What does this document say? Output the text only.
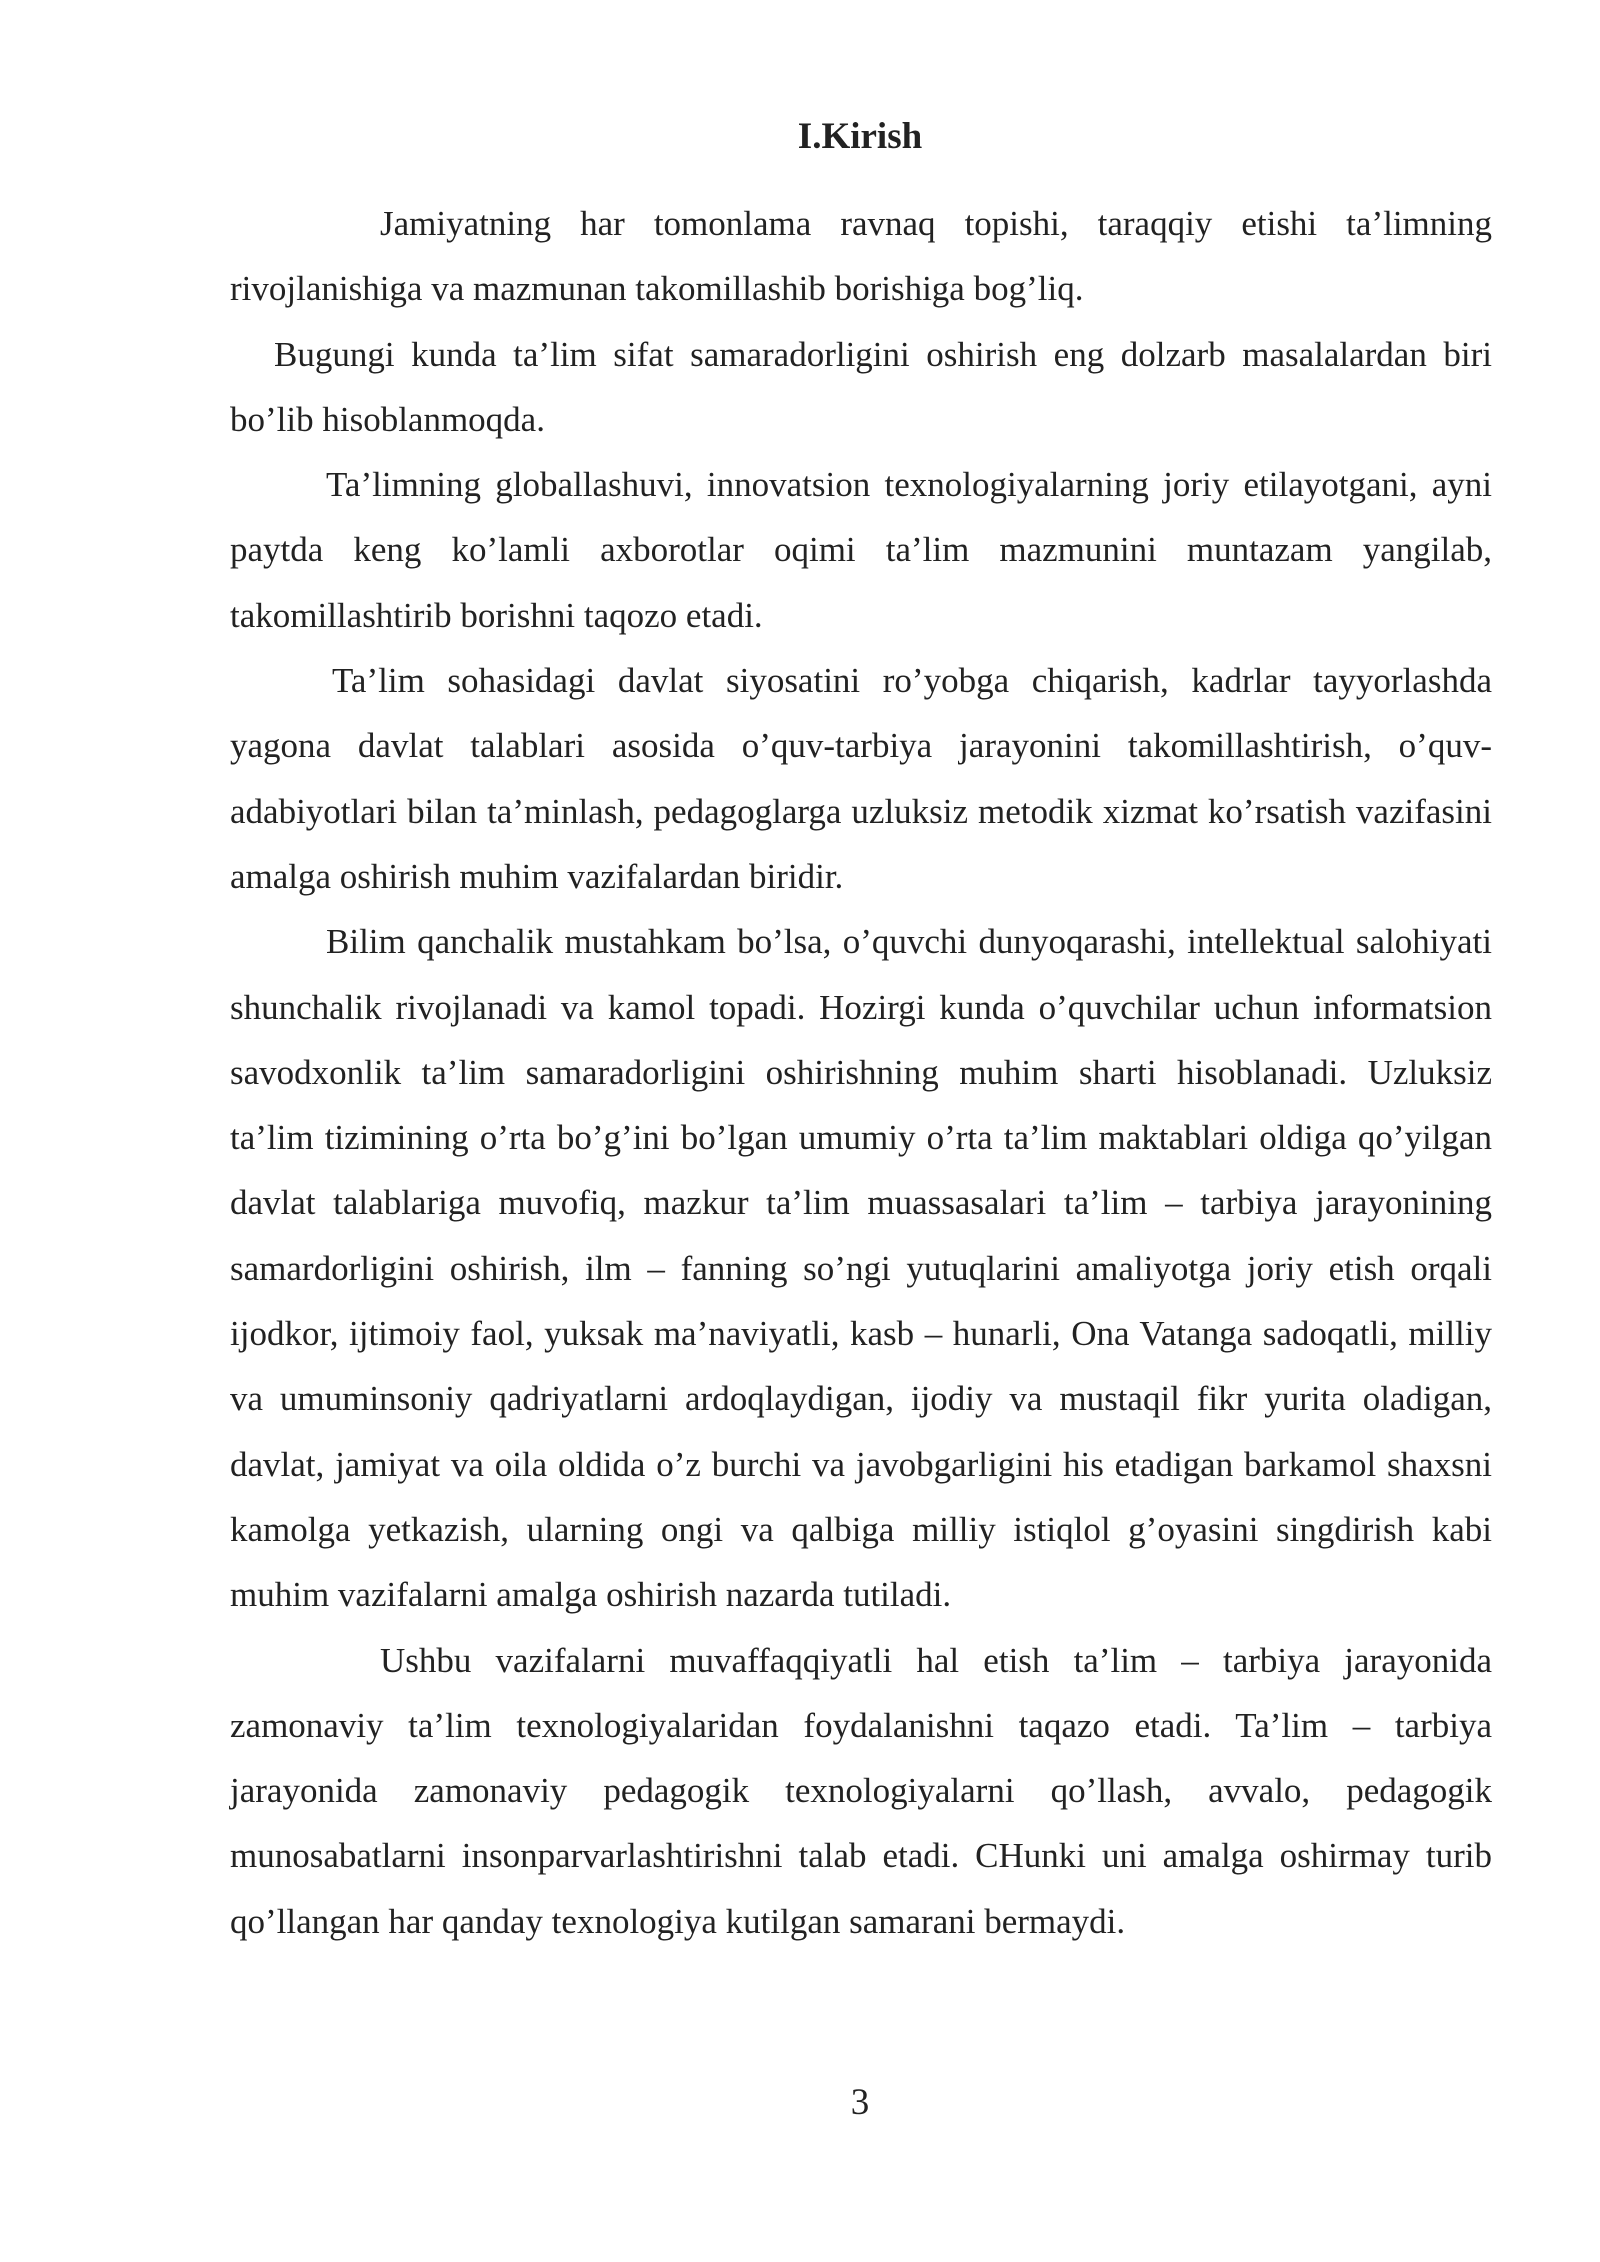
I.Kirish

Jamiyatning har tomonlama ravnaq topishi, taraqqiy etishi ta’limning rivojlanishiga va mazmunan takomillashib borishiga bog’liq.

Bugungi kunda ta’lim sifat samaradorligini oshirish eng dolzarb masalalardan biri bo’lib hisoblanmoqda.

Ta’limning globallashuvi, innovatsion texnologiyalarning joriy etilayotgani, ayni paytda keng ko’lamli axborotlar oqimi ta’lim mazmunini muntazam yangilab, takomillashtirib borishni taqozo etadi.

Ta’lim sohasidagi davlat siyosatini ro’yobga chiqarish, kadrlar tayyorlashda yagona davlat talablari asosida o’quv-tarbiya jarayonini takomillashtirish, o’quv-adabiyotlari bilan ta’minlash, pedagoglarga uzluksiz metodik xizmat ko’rsatish vazifasini amalga oshirish muhim vazifalardan biridir.

Bilim qanchalik mustahkam bo’lsa, o’quvchi dunyoqarashi, intellektual salohiyati shunchalik rivojlanadi va kamol topadi. Hozirgi kunda o’quvchilar uchun informatsion savodxonlik ta’lim samaradorligini oshirishning muhim sharti hisoblanadi. Uzluksiz ta’lim tizimining o’rta bo’g’ini bo’lgan umumiy o’rta ta’lim maktablari oldiga qo’yilgan davlat talablariga muvofiq, mazkur ta’lim muassasalari ta’lim – tarbiya jarayonining samardorligini oshirish, ilm – fanning so’ngi yutuqlarini amaliyotga joriy etish orqali ijodkor, ijtimoiy faol, yuksak ma’naviyatli, kasb – hunarli, Ona Vatanga sadoqatli, milliy va umuminsoniy qadriyatlarni ardoqlaydigan, ijodiy va mustaqil fikr yurita oladigan, davlat, jamiyat va oila oldida o’z burchi va javobgarligini his etadigan barkamol shaxsni kamolga yetkazish, ularning ongi va qalbiga milliy istiqlol g’oyasini singdirish kabi muhim vazifalarni amalga oshirish nazarda tutiladi.

Ushbu vazifalarni muvaffaqqiyatli hal etish ta’lim – tarbiya jarayonida zamonaviy ta’lim texnologiyalaridan foydalanishni taqazo etadi. Ta’lim – tarbiya jarayonida zamonaviy pedagogik texnologiyalarni qo’llash, avvalo, pedagogik munosabatlarni insonparvarlashtirishni talab etadi. CHunki uni amalga oshirmay turib qo’llangan har qanday texnologiya kutilgan samarani bermaydi.

3
